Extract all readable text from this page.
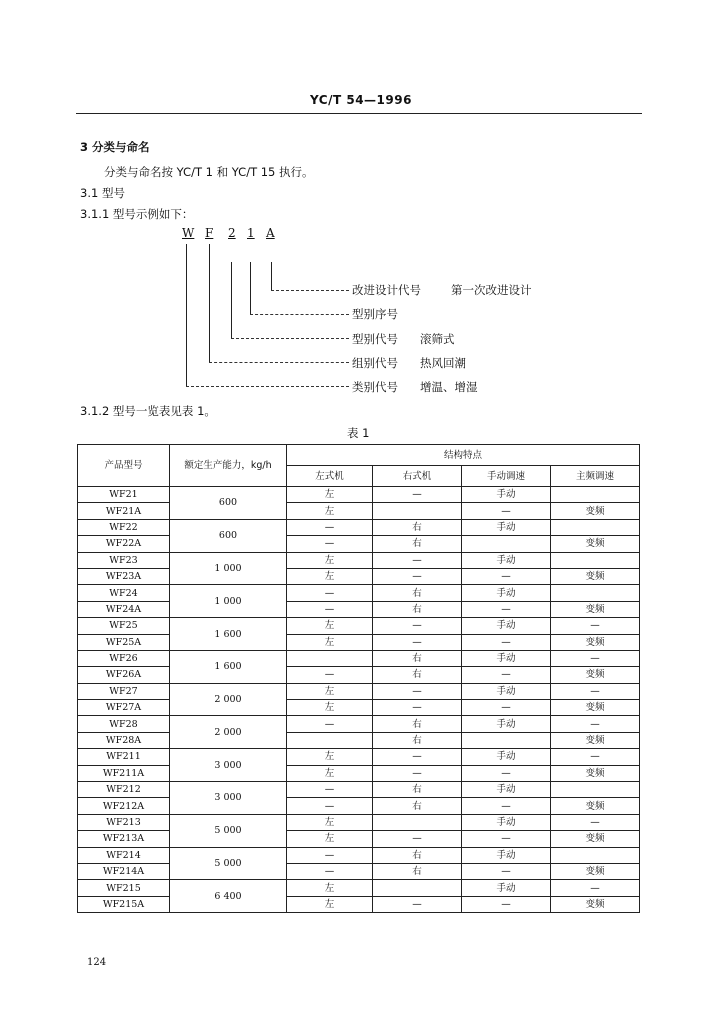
YC/T 54—1996
3 分类与命名
分类与命名按 YC/T 1 和 YC/T 15 执行。
3.1 型号
3.1.1 型号示例如下：
W F 2 1 A
改进设计代号	第一次改进设计
型别序号
型别代号 滚筛式
组别代号 热风回潮
类别代号 增温、增湿
3.1.2 型号一览表见表 1。
表 1
产品型号	额定生产能力，kg/h	结构特点			
		左式机	右式机	手动调速	主频调速
WF21	600	左	—	手动	
WF21A		左		—	变频
WF22	600	—	右	手动	
WF22A		—	右		变频
WF23	1 000	左	—	手动	
WF23A		左	—	—	变频
WF24	1 000	—	右	手动	
WF24A		—	右	—	变频
WF25	1 600	左	—	手动	—
WF25A		左	—	—	变频
WF26	1 600		右	手动	—
WF26A		—	右	—	变频
WF27	2 000	左	—	手动	—
WF27A		左	—	—	变频
WF28	2 000	—	右	手动	—
WF28A			右		变频
WF211	3 000	左	—	手动	—
WF211A		左	—	—	变频
WF212	3 000	—	右	手动	
WF212A		—	右	—	变频
WF213	5 000	左		手动	—
WF213A		左	—	—	变频
WF214	5 000	—	右	手动	
WF214A		—	右	—	变频
WF215	6 400	左		手动	—
WF215A		左	—	—	变频
124
